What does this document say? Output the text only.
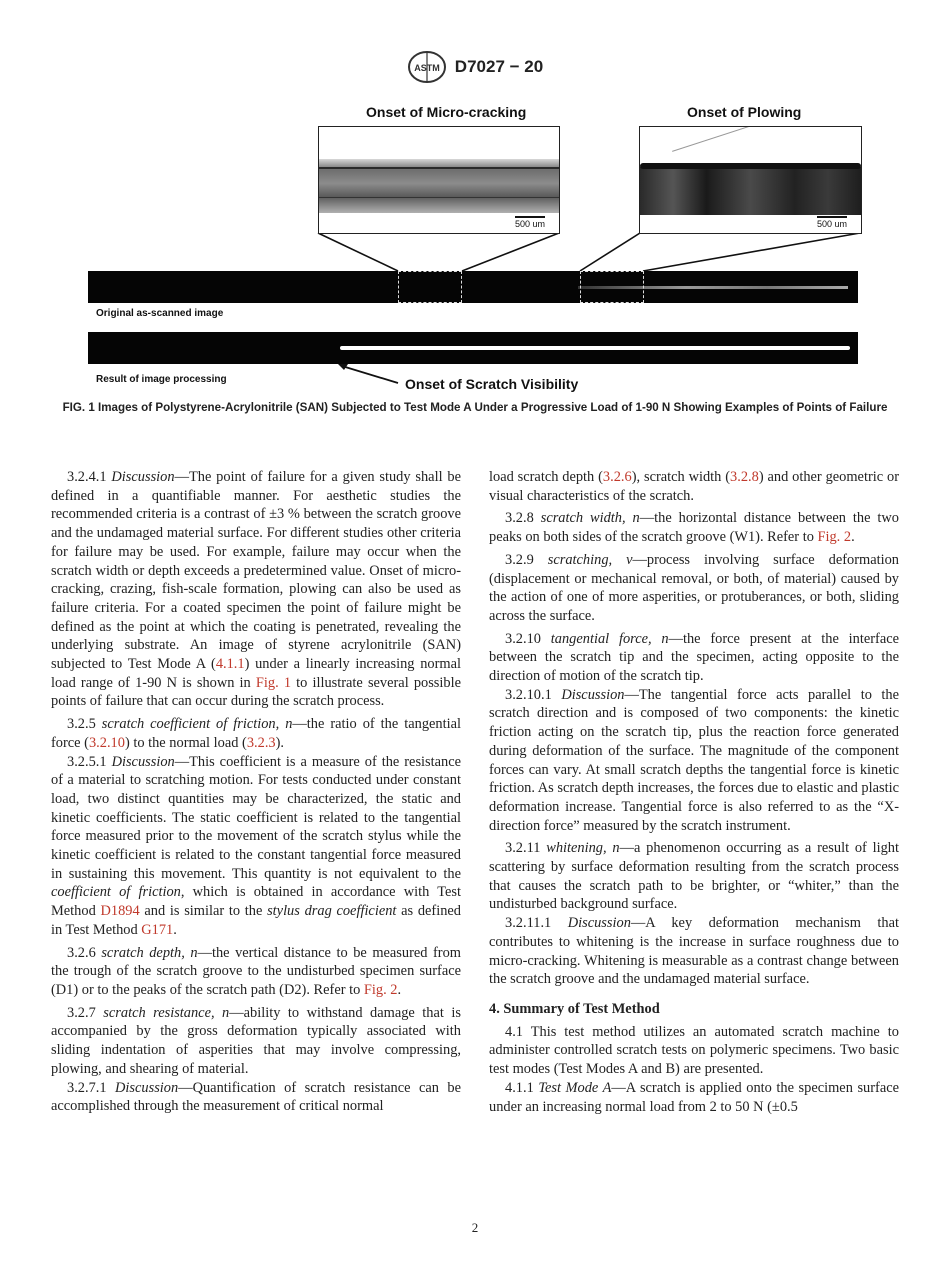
ASTM D7027 − 20
Onset of Micro-cracking	Onset of Plowing
500 um	500 um
Original as-scanned image
Result of image processing	Onset of Scratch Visibility
FIG. 1 Images of Polystyrene-Acrylonitrile (SAN) Subjected to Test Mode A Under a Progressive Load of 1-90 N Showing Examples of Points of Failure

3.2.4.1 Discussion—The point of failure for a given study shall be defined in a quantifiable manner. For aesthetic studies the recommended criteria is a contrast of ±3 % between the scratch groove and the undamaged material surface. For different studies other criteria for failure may be used. For example, failure may occur when the scratch width or depth exceeds a predetermined value. Onset of micro-cracking, crazing, fish-scale formation, plowing can also be used as failure criteria. For a coated specimen the point of failure might be defined as the point at which the coating is penetrated, revealing the underlying substrate. An image of styrene acrylonitrile (SAN) subjected to Test Mode A (4.1.1) under a linearly increasing normal load range of 1-90 N is shown in Fig. 1 to illustrate several possible points of failure that can occur during the scratch process.

3.2.5 scratch coefficient of friction, n—the ratio of the tangential force (3.2.10) to the normal load (3.2.3).

3.2.5.1 Discussion—This coefficient is a measure of the resistance of a material to scratching motion. For tests conducted under constant load, two distinct quantities may be characterized, the static and kinetic coefficients. The static coefficient is related to the tangential force measured prior to the movement of the scratch stylus while the kinetic coefficient is related to the constant tangential force measured in sustaining this movement. This quantity is not equivalent to the coefficient of friction, which is obtained in accordance with Test Method D1894 and is similar to the stylus drag coefficient as defined in Test Method G171.

3.2.6 scratch depth, n—the vertical distance to be measured from the trough of the scratch groove to the undisturbed specimen surface (D1) or to the peaks of the scratch path (D2). Refer to Fig. 2.

3.2.7 scratch resistance, n—ability to withstand damage that is accompanied by the gross deformation typically associated with sliding indentation of asperities that may involve compressing, plowing, and shearing of material.

3.2.7.1 Discussion—Quantification of scratch resistance can be accomplished through the measurement of critical normal

load scratch depth (3.2.6), scratch width (3.2.8) and other geometric or visual characteristics of the scratch.

3.2.8 scratch width, n—the horizontal distance between the two peaks on both sides of the scratch groove (W1). Refer to Fig. 2.

3.2.9 scratching, v—process involving surface deformation (displacement or mechanical removal, or both, of material) caused by the action of one of more asperities, or protuberances, or both, sliding across the surface.

3.2.10 tangential force, n—the force present at the interface between the scratch tip and the specimen, acting opposite to the direction of motion of the scratch tip.

3.2.10.1 Discussion—The tangential force acts parallel to the scratch direction and is composed of two components: the kinetic friction acting on the scratch tip, plus the reaction force generated during deformation of the surface. The magnitude of the component forces can vary. At small scratch depths the tangential force is kinetic friction. As scratch depth increases, the forces due to elastic and plastic deformation increase. Tangential force is also referred to as the “X-direction force” measured by the scratch instrument.

3.2.11 whitening, n—a phenomenon occurring as a result of light scattering by surface deformation resulting from the scratch process that causes the scratch path to be brighter, or “whiter,” than the undisturbed background surface.

3.2.11.1 Discussion—A key deformation mechanism that contributes to whitening is the increase in surface roughness due to micro-cracking. Whitening is measurable as a contrast change between the scratch groove and the undamaged material surface.

4. Summary of Test Method

4.1 This test method utilizes an automated scratch machine to administer controlled scratch tests on polymeric specimens. Two basic test modes (Test Modes A and B) are presented.

4.1.1 Test Mode A—A scratch is applied onto the specimen surface under an increasing normal load from 2 to 50 N (±0.5

2
